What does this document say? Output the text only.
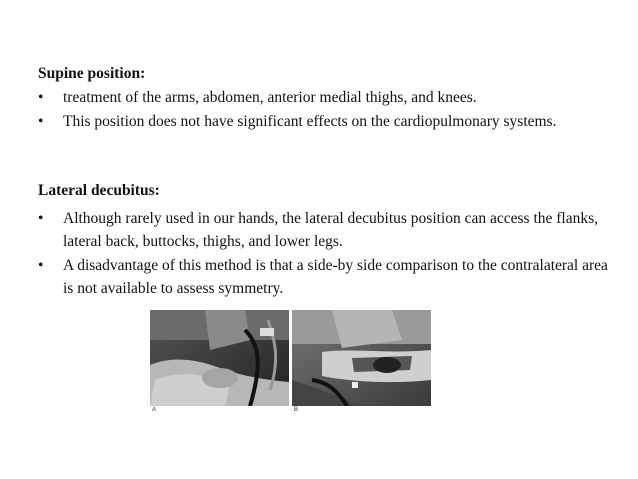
Supine position:
• treatment of the arms, abdomen, anterior medial thighs, and knees.
• This position does not have significant effects on the cardiopulmonary systems.
Lateral decubitus:
• Although rarely used in our hands, the lateral decubitus position can access the flanks, lateral back, buttocks, thighs, and lower legs.
• A disadvantage of this method is that a side-by side comparison to the contralateral area is not available to assess symmetry.
A	B
